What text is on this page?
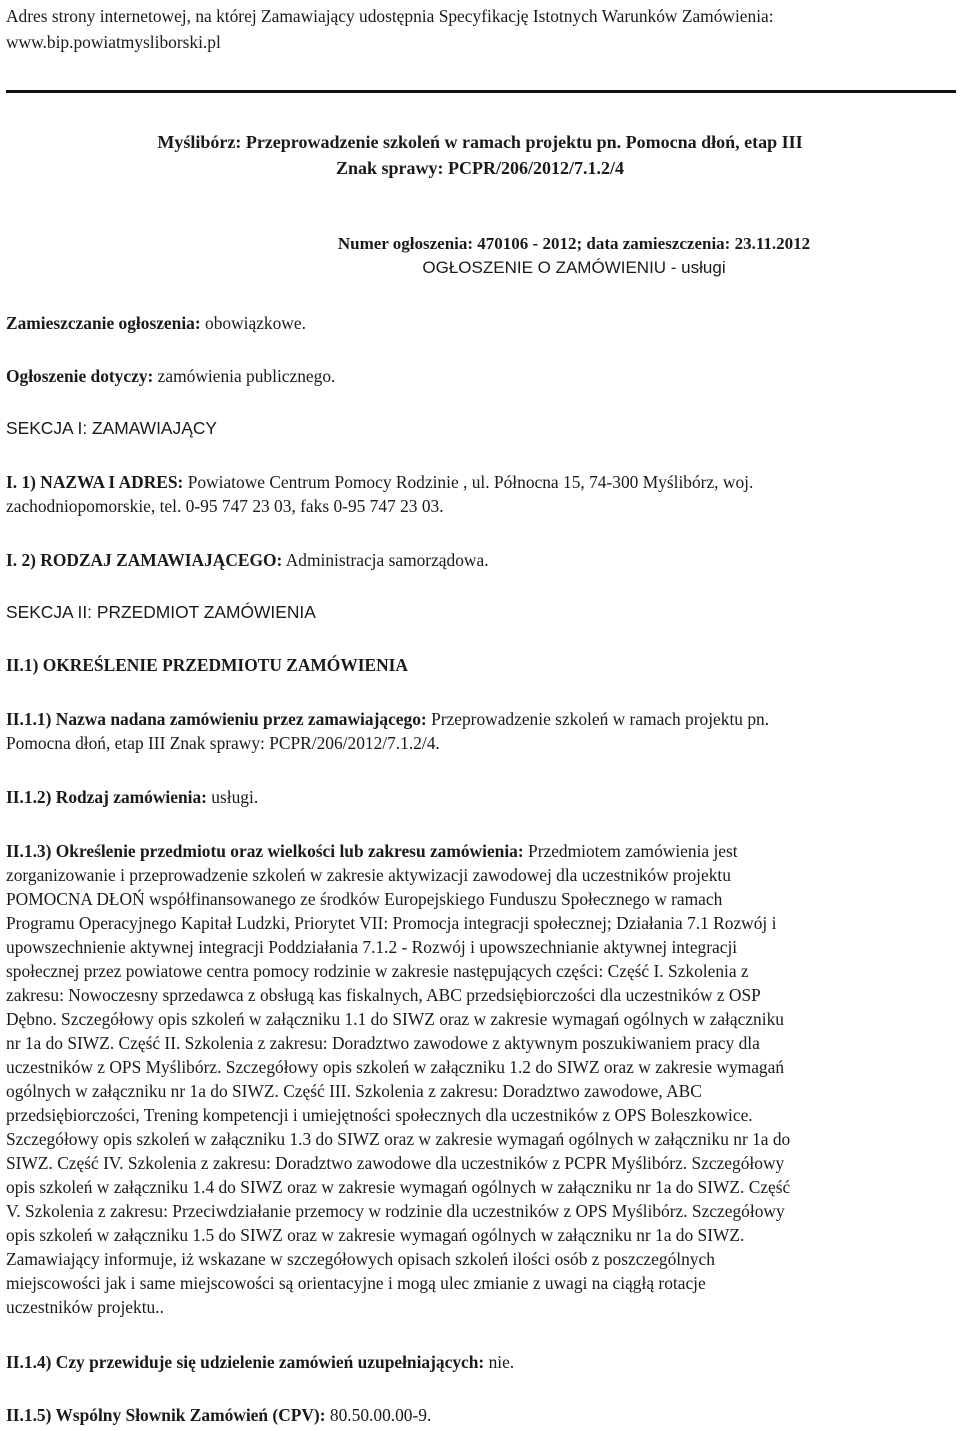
Adres strony internetowej, na której Zamawiający udostępnia Specyfikację Istotnych Warunków Zamówienia:
www.bip.powiatmysliborski.pl
Myślibórz: Przeprowadzenie szkoleń w ramach projektu pn. Pomocna dłoń, etap III
Znak sprawy: PCPR/206/2012/7.1.2/4
Numer ogłoszenia: 470106 - 2012; data zamieszczenia: 23.11.2012
OGŁOSZENIE O ZAMÓWIENIU - usługi
Zamieszczanie ogłoszenia: obowiązkowe.
Ogłoszenie dotyczy: zamówienia publicznego.
SEKCJA I: ZAMAWIAJĄCY
I. 1) NAZWA I ADRES: Powiatowe Centrum Pomocy Rodzinie , ul. Północna 15, 74-300 Myślibórz, woj.
zachodniopomorskie, tel. 0-95 747 23 03, faks 0-95 747 23 03.
I. 2) RODZAJ ZAMAWIAJĄCEGO: Administracja samorządowa.
SEKCJA II: PRZEDMIOT ZAMÓWIENIA
II.1) OKREŚLENIE PRZEDMIOTU ZAMÓWIENIA
II.1.1) Nazwa nadana zamówieniu przez zamawiającego: Przeprowadzenie szkoleń w ramach projektu pn.
Pomocna dłoń, etap III Znak sprawy: PCPR/206/2012/7.1.2/4.
II.1.2) Rodzaj zamówienia: usługi.
II.1.3) Określenie przedmiotu oraz wielkości lub zakresu zamówienia: Przedmiotem zamówienia jest
zorganizowanie i przeprowadzenie szkoleń w zakresie aktywizacji zawodowej dla uczestników projektu
POMOCNA DŁOŃ współfinansowanego ze środków Europejskiego Funduszu Społecznego w ramach
Programu Operacyjnego Kapitał Ludzki, Priorytet VII: Promocja integracji społecznej; Działania 7.1 Rozwój i
upowszechnienie aktywnej integracji Poddziałania 7.1.2 - Rozwój i upowszechnianie aktywnej integracji
społecznej przez powiatowe centra pomocy rodzinie w zakresie następujących części: Część I. Szkolenia z
zakresu: Nowoczesny sprzedawca z obsługą kas fiskalnych, ABC przedsiębiorczości dla uczestników z OSP
Dębno. Szczegółowy opis szkoleń w załączniku 1.1 do SIWZ oraz w zakresie wymagań ogólnych w załączniku
nr 1a do SIWZ. Część II. Szkolenia z zakresu: Doradztwo zawodowe z aktywnym poszukiwaniem pracy dla
uczestników z OPS Myślibórz. Szczegółowy opis szkoleń w załączniku 1.2 do SIWZ oraz w zakresie wymagań
ogólnych w załączniku nr 1a do SIWZ. Część III. Szkolenia z zakresu: Doradztwo zawodowe, ABC
przedsiębiorczości, Trening kompetencji i umiejętności społecznych dla uczestników z OPS Boleszkowice.
Szczegółowy opis szkoleń w załączniku 1.3 do SIWZ oraz w zakresie wymagań ogólnych w załączniku nr 1a do
SIWZ. Część IV. Szkolenia z zakresu: Doradztwo zawodowe dla uczestników z PCPR Myślibórz. Szczegółowy
opis szkoleń w załączniku 1.4 do SIWZ oraz w zakresie wymagań ogólnych w załączniku nr 1a do SIWZ. Część
V. Szkolenia z zakresu: Przeciwdziałanie przemocy w rodzinie dla uczestników z OPS Myślibórz. Szczegółowy
opis szkoleń w załączniku 1.5 do SIWZ oraz w zakresie wymagań ogólnych w załączniku nr 1a do SIWZ.
Zamawiający informuje, iż wskazane w szczegółowych opisach szkoleń ilości osób z poszczególnych
miejscowości jak i same miejscowości są orientacyjne i mogą ulec zmianie z uwagi na ciągłą rotacje
uczestników projektu..
II.1.4) Czy przewiduje się udzielenie zamówień uzupełniających: nie.
II.1.5) Wspólny Słownik Zamówień (CPV): 80.50.00.00-9.
